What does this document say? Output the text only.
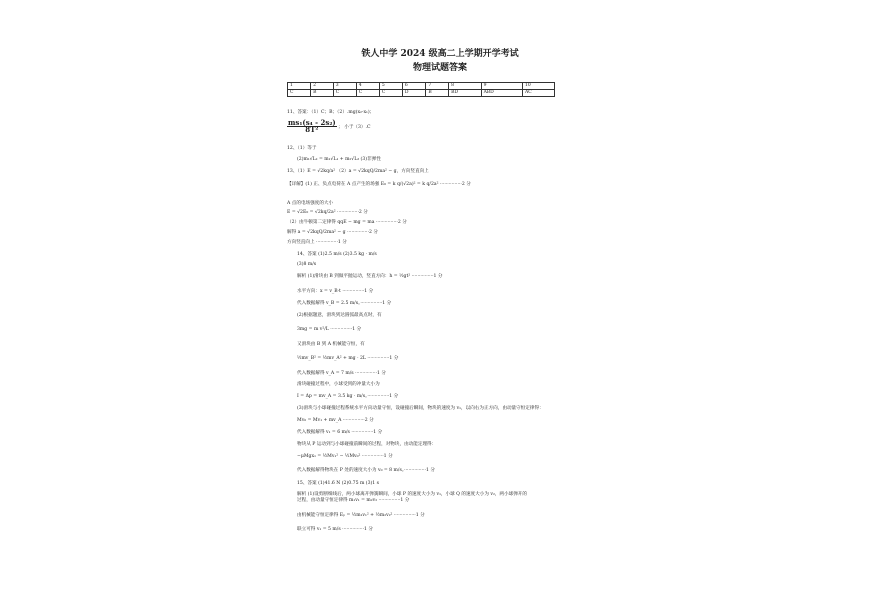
铁人中学 2024 级高二上学期开学考试
物理试题答案
1	2	3	4	5	6	7	8	9	10
C	B	C	C	C	D	B	BD	ABD	AC
11、答案：（1）C；B；（2）.mg(x₂-x₁)；
$\frac{\text{ms₁(s₄ - 2s₂)}}{\text{8T²}}$ ； 小于（3）.C
12、（1）等于
(2)m₁√L₂ = m₁√L₁ + m₂√L₃ (3)非弹性
13、（1）E = √2kq/a² （2）a = √2kqQ/2ma² − g，方向竖直向上
【详解】(1) 正、负点电荷在 A 点产生的场强 E₀ = k q/(√2a)² = k q/2a² ···············2 分
A 点的电场强度的大小
E = √2E₀ = √2kq/2a² ···············2 分
（2）由牛顿第二定律得 qqE − mg = ma ···············2 分
解得 a = √2kqQ/2ma² − g ···············2 分
方向竖直向上 ···············1 分
14、答案 (1)2.5 m/s (2)3.5 kg · m/s
(3)8 m/s
解析 (1)滑块由 B 到做平抛运动，竖直方向：h = ½gt² ···············1 分
水平方向：x = v_B·t ···············1 分
代入数据解得 v_B = 2.5 m/s。···············1 分
(2)根据题意，滑块到达圆弧最高点时，有
3mg = m v²/L ···············1 分
又滑块由 B 到 A 机械能守恒，有
½mv_B² = ½mv_A² + mg · 2L ···············1 分
代入数据解得 v_A = 7 m/s ···············1 分
滑块碰撞过程中，小球受到的冲量大小为
I = Δp = mv_A = 3.5 kg · m/s。···············1 分
(3)滑块与小球碰撞过程系统水平方向动量守恒，设碰撞后瞬间，物块的速度为 v₁，以向右为正方向，由动量守恒定律得：
Mv₀ = Mv₁ + mv_A ···············2 分
代入数据解得 v₁ = 6 m/s ···············1 分
物块从 P 运动到与小球碰撞前瞬间的过程，对物块，由动能定理得：
−μMgx₁ = ½Mv₁² − ½Mv₀² ···············1 分
代入数据解得物块在 P 处的速度大小为 v₀ = 8 m/s。···············1 分
15、答案 (1)41.6 N (2)0.75 m (3)1 s
解析 (1)设剪断细线后，两小球离开弹簧瞬间，小球 P 的速度大小为 v₁，小球 Q 的速度大小为 v₂，两小球弹开的过程，由动量守恒定律得 m₁v₁ = m₂v₂ ···············1 分
由机械能守恒定律得 Eₚ = ½m₁v₁² + ½m₂v₂² ···············1 分
联立可得 v₁ = 5 m/s ···············1 分
